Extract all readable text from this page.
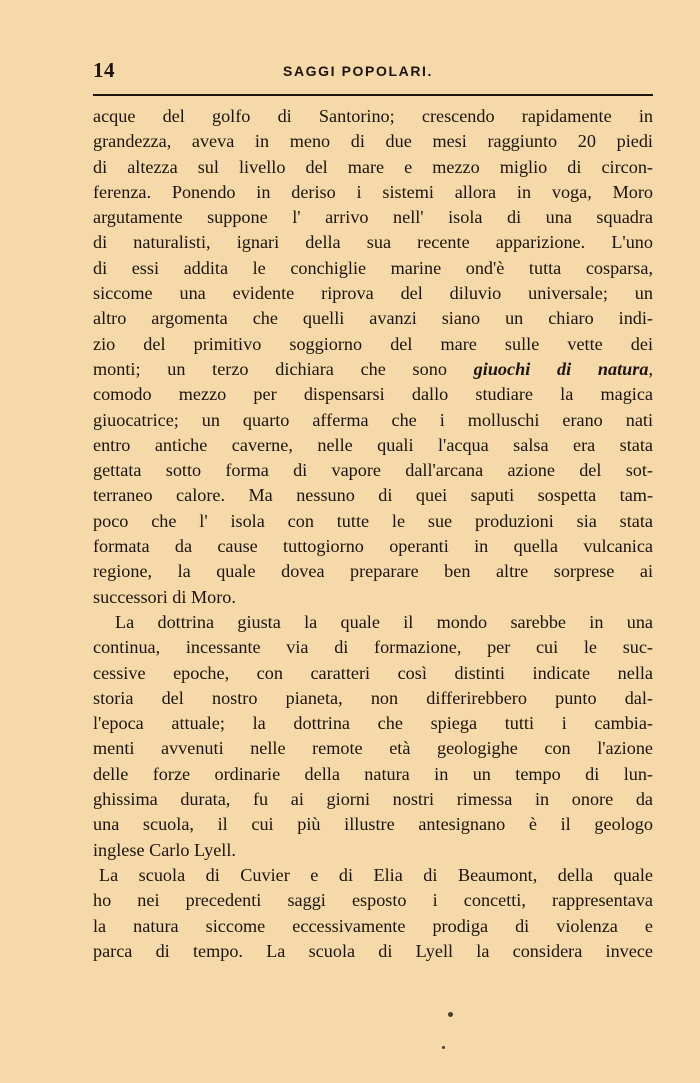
14	SAGGI POPOLARI.
acque del golfo di Santorino; crescendo rapidamente in
grandezza, aveva in meno di due mesi raggiunto 20 piedi
di altezza sul livello del mare e mezzo miglio di circon-
ferenza. Ponendo in deriso i sistemi allora in voga, Moro
argutamente suppone l' arrivo nell' isola di una squadra
di naturalisti, ignari della sua recente apparizione. L'uno
di essi addita le conchiglie marine ond'è tutta cosparsa,
siccome una evidente riprova del diluvio universale; un
altro argomenta che quelli avanzi siano un chiaro indi-
zio del primitivo soggiorno del mare sulle vette dei
monti; un terzo dichiara che sono giuochi di natura,
comodo mezzo per dispensarsi dallo studiare la magica
giuocatrice; un quarto afferma che i molluschi erano nati
entro antiche caverne, nelle quali l'acqua salsa era stata
gettata sotto forma di vapore dall'arcana azione del sot-
terraneo calore. Ma nessuno di quei saputi sospetta tam-
poco che l' isola con tutte le sue produzioni sia stata
formata da cause tuttogiorno operanti in quella vulcanica
regione, la quale dovea preparare ben altre sorprese ai
successori di Moro.
La dottrina giusta la quale il mondo sarebbe in una
continua, incessante via di formazione, per cui le suc-
cessive epoche, con caratteri così distinti indicate nella
storia del nostro pianeta, non differirebbero punto dal-
l'epoca attuale; la dottrina che spiega tutti i cambia-
menti avvenuti nelle remote età geologighe con l'azione
delle forze ordinarie della natura in un tempo di lun-
ghissima durata, fu ai giorni nostri rimessa in onore da
una scuola, il cui più illustre antesignano è il geologo
inglese Carlo Lyell.
La scuola di Cuvier e di Elia di Beaumont, della quale
ho nei precedenti saggi esposto i concetti, rappresentava
la natura siccome eccessivamente prodiga di violenza e
parca di tempo. La scuola di Lyell la considera invece
